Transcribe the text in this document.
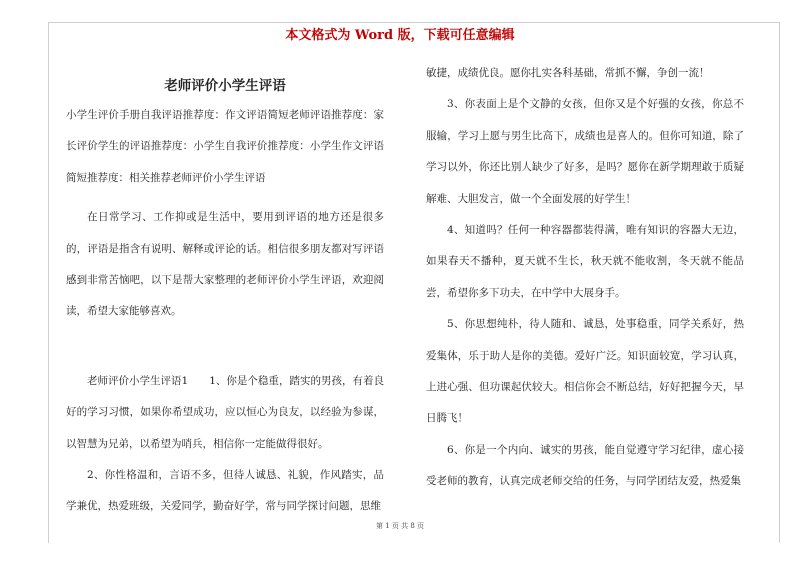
本文格式为 Word 版，下载可任意编辑
老师评价小学生评语

小学生评价手册自我评语推荐度：作文评语简短老师评语推荐度：家长评价学生的评语推荐度：小学生自我评价推荐度：小学生作文评语简短推荐度：相关推荐老师评价小学生评语

在日常学习、工作抑或是生活中，要用到评语的地方还是很多的，评语是指含有说明、解释或评论的话。相信很多朋友都对写评语感到非常苦恼吧，以下是帮大家整理的老师评价小学生评语，欢迎阅读，希望大家能够喜欢。

老师评价小学生评语1　　1、你是个稳重，踏实的男孩，有着良好的学习习惯，如果你希望成功，应以恒心为良友，以经验为参谋，以智慧为兄弟，以希望为哨兵，相信你一定能做得很好。

2、你性格温和，言语不多，但待人诚恳、礼貌，作风踏实，品学兼优，热爱班级，关爱同学，勤奋好学，常与同学探讨问题，思维

敏捷，成绩优良。愿你扎实各科基础，常抓不懈，争创一流！

3、你表面上是个文静的女孩，但你又是个好强的女孩，你总不服输，学习上愿与男生比高下，成绩也是喜人的。但你可知道，除了学习以外，你还比别人缺少了好多，是吗？愿你在新学期理敢于质疑解难、大胆发言，做一个全面发展的好学生！

4、知道吗？任何一种容器都装得满，唯有知识的容器大无边，如果春天不播种，夏天就不生长，秋天就不能收割，冬天就不能品尝，希望你多下功夫，在中学中大展身手。

5、你思想纯朴，待人随和、诚恳，处事稳重，同学关系好，热爱集体，乐于助人是你的美德。爱好广泛。知识面较宽，学习认真，上进心强、但功课起伏较大。相信你会不断总结，好好把握今天，早日腾飞！

6、你是一个内向、诚实的男孩，能自觉遵守学习纪律，虚心接受老师的教育，认真完成老师交给的任务，与同学团结友爱，热爱集

第 1 页 共 8 页
